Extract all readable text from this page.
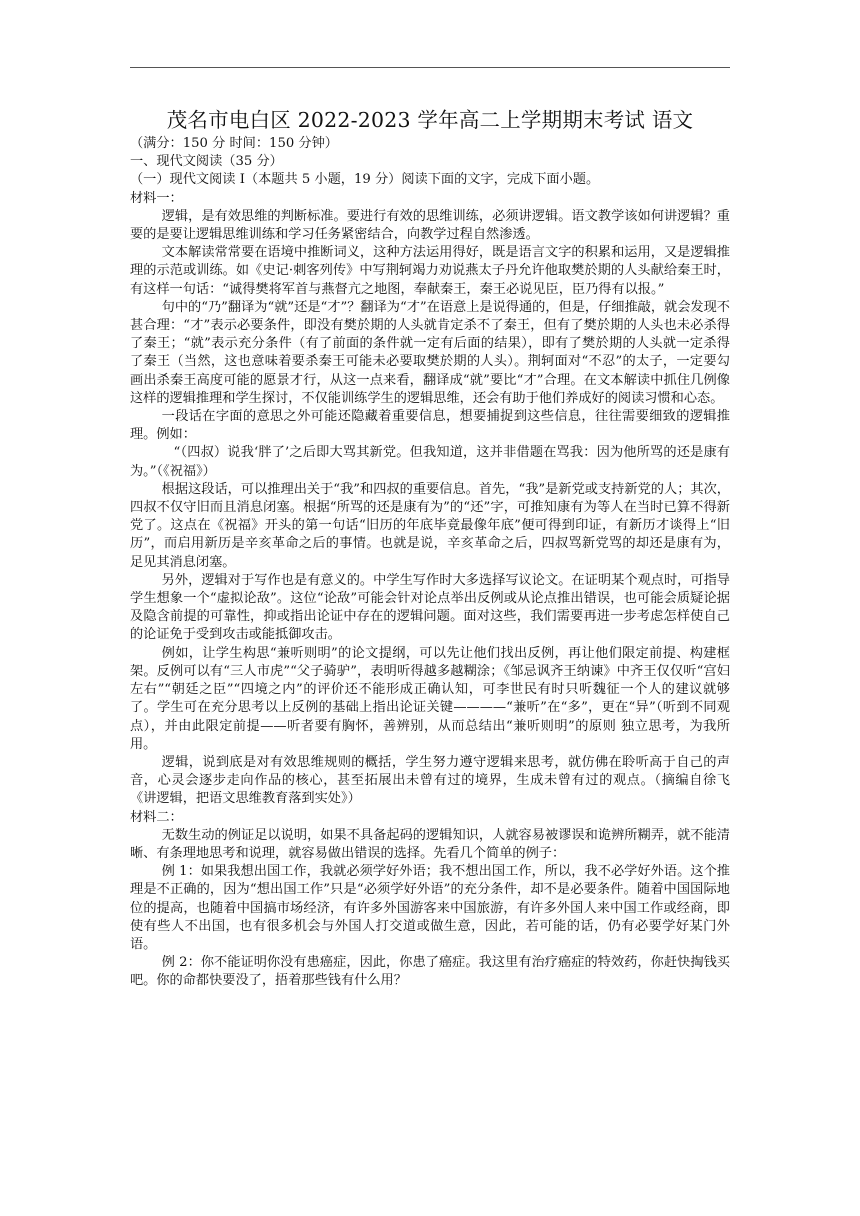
茂名市电白区 2022-2023 学年高二上学期期末考试 语文

（满分：150 分 时间：150 分钟）

一、现代文阅读（35 分）

（一）现代文阅读 I（本题共 5 小题，19 分）阅读下面的文字，完成下面小题。

材料一：

逻辑，是有效思维的判断标准。要进行有效的思维训练，必须讲逻辑。语文教学该如何讲逻辑？重要的是要让逻辑思维训练和学习任务紧密结合，向教学过程自然渗透。

文本解读常常要在语境中推断词义，这种方法运用得好，既是语言文字的积累和运用，又是逻辑推理的示范或训练。如《史记·刺客列传》中写荆轲竭力劝说燕太子丹允许他取樊於期的人头献给秦王时，有这样一句话：“诚得樊将军首与燕督亢之地图，奉献秦王，秦王必说见臣，臣乃得有以报。”

句中的“乃”翻译为“就”还是“才”？翻译为“才”在语意上是说得通的，但是，仔细推敲，就会发现不甚合理：“才”表示必要条件，即没有樊於期的人头就肯定杀不了秦王，但有了樊於期的人头也未必杀得了秦王；“就”表示充分条件（有了前面的条件就一定有后面的结果），即有了樊於期的人头就一定杀得了秦王（当然，这也意味着要杀秦王可能未必要取樊於期的人头）。荆轲面对“不忍”的太子，一定要勾画出杀秦王高度可能的愿景才行，从这一点来看，翻译成“就”要比“才”合理。在文本解读中抓住几例像这样的逻辑推理和学生探讨，不仅能训练学生的逻辑思维，还会有助于他们养成好的阅读习惯和心态。

一段话在字面的意思之外可能还隐藏着重要信息，想要捕捉到这些信息，往往需要细致的逻辑推理。例如：

“（四叔）说我‘胖了’之后即大骂其新党。但我知道，这并非借题在骂我：因为他所骂的还是康有为。”（《祝福》）

根据这段话，可以推理出关于“我”和四叔的重要信息。首先，“我”是新党或支持新党的人；其次，四叔不仅守旧而且消息闭塞。根据“所骂的还是康有为”的“还”字，可推知康有为等人在当时已算不得新党了。这点在《祝福》开头的第一句话“旧历的年底毕竟最像年底”便可得到印证，有新历才谈得上“旧历”，而启用新历是辛亥革命之后的事情。也就是说，辛亥革命之后，四叔骂新党骂的却还是康有为，足见其消息闭塞。

另外，逻辑对于写作也是有意义的。中学生写作时大多选择写议论文。在证明某个观点时，可指导学生想象一个“虚拟论敌”。这位“论敌”可能会针对论点举出反例或从论点推出错误，也可能会质疑论据及隐含前提的可靠性，抑或指出论证中存在的逻辑问题。面对这些，我们需要再进一步考虑怎样使自己的论证免于受到攻击或能抵御攻击。

例如，让学生构思“兼听则明”的论文提纲，可以先让他们找出反例，再让他们限定前提、构建框架。反例可以有“三人市虎”“父子骑驴”，表明听得越多越糊涂；《邹忌讽齐王纳谏》中齐王仅仅听“宫妇左右”“朝廷之臣”“四境之内”的评价还不能形成正确认知，可李世民有时只听魏征一个人的建议就够了。学生可在充分思考以上反例的基础上指出论证关键————“兼听”在“多”，更在“异”（听到不同观点），并由此限定前提——听者要有胸怀，善辨别，从而总结出“兼听则明”的原则 独立思考，为我所用。

逻辑，说到底是对有效思维规则的概括，学生努力遵守逻辑来思考，就仿佛在聆听高于自己的声音，心灵会逐步走向作品的核心，甚至拓展出未曾有过的境界，生成未曾有过的观点。（摘编自徐飞《讲逻辑，把语文思维教育落到实处》）

材料二：

无数生动的例证足以说明，如果不具备起码的逻辑知识，人就容易被谬误和诡辨所糊弄，就不能清晰、有条理地思考和说理，就容易做出错误的选择。先看几个简单的例子：

例 1：如果我想出国工作，我就必须学好外语；我不想出国工作，所以，我不必学好外语。这个推理是不正确的，因为“想出国工作”只是“必须学好外语”的充分条件，却不是必要条件。随着中国国际地位的提高，也随着中国搞市场经济，有许多外国游客来中国旅游，有许多外国人来中国工作或经商，即使有些人不出国，也有很多机会与外国人打交道或做生意，因此，若可能的话，仍有必要学好某门外语。

例 2：你不能证明你没有患癌症，因此，你患了癌症。我这里有治疗癌症的特效药，你赶快掏钱买吧。你的命都快要没了，捂着那些钱有什么用？
